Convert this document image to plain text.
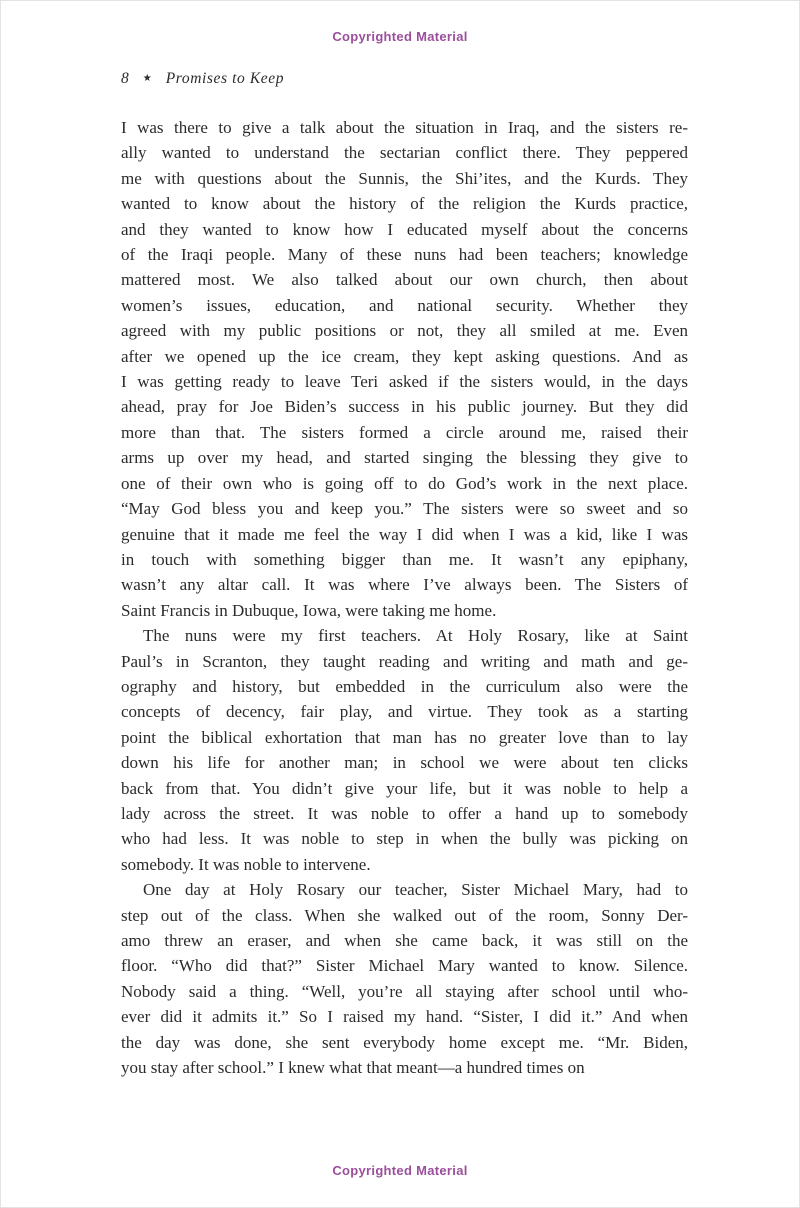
Copyrighted Material
8 ★ Promises to Keep
I was there to give a talk about the situation in Iraq, and the sisters re-
ally wanted to understand the sectarian conflict there. They peppered
me with questions about the Sunnis, the Shi’ites, and the Kurds. They
wanted to know about the history of the religion the Kurds practice,
and they wanted to know how I educated myself about the concerns
of the Iraqi people. Many of these nuns had been teachers; knowledge
mattered most. We also talked about our own church, then about
women’s issues, education, and national security. Whether they
agreed with my public positions or not, they all smiled at me. Even
after we opened up the ice cream, they kept asking questions. And as
I was getting ready to leave Teri asked if the sisters would, in the days
ahead, pray for Joe Biden’s success in his public journey. But they did
more than that. The sisters formed a circle around me, raised their
arms up over my head, and started singing the blessing they give to
one of their own who is going off to do God’s work in the next place.
“May God bless you and keep you.” The sisters were so sweet and so
genuine that it made me feel the way I did when I was a kid, like I was
in touch with something bigger than me. It wasn’t any epiphany,
wasn’t any altar call. It was where I’ve always been. The Sisters of
Saint Francis in Dubuque, Iowa, were taking me home.
The nuns were my first teachers. At Holy Rosary, like at Saint
Paul’s in Scranton, they taught reading and writing and math and ge-
ography and history, but embedded in the curriculum also were the
concepts of decency, fair play, and virtue. They took as a starting
point the biblical exhortation that man has no greater love than to lay
down his life for another man; in school we were about ten clicks
back from that. You didn’t give your life, but it was noble to help a
lady across the street. It was noble to offer a hand up to somebody
who had less. It was noble to step in when the bully was picking on
somebody. It was noble to intervene.
One day at Holy Rosary our teacher, Sister Michael Mary, had to
step out of the class. When she walked out of the room, Sonny Der-
amo threw an eraser, and when she came back, it was still on the
floor. “Who did that?” Sister Michael Mary wanted to know. Silence.
Nobody said a thing. “Well, you’re all staying after school until who-
ever did it admits it.” So I raised my hand. “Sister, I did it.” And when
the day was done, she sent everybody home except me. “Mr. Biden,
you stay after school.” I knew what that meant—a hundred times on
Copyrighted Material
